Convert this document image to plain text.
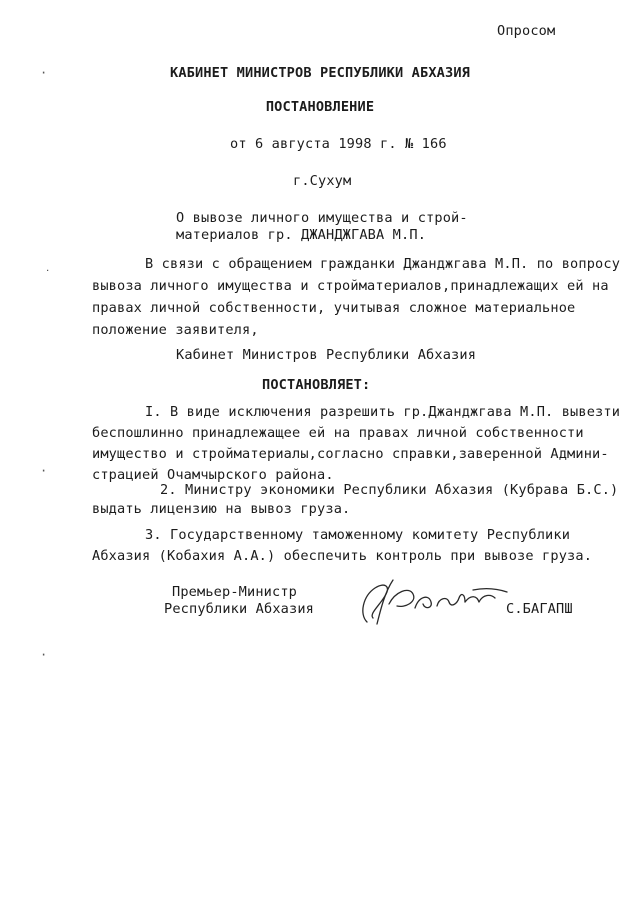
Опросом
КАБИНЕТ МИНИСТРОВ РЕСПУБЛИКИ АБХАЗИЯ
ПОСТАНОВЛЕНИЕ
от 6 августа 1998 г. № 166
г.Сухум
О вывозе личного имущества и строй-
материалов гр. ДЖАНДЖГАВА М.П.
В связи с обращением гражданки Джанджгава М.П. по вопросу
вывоза личного имущества и стройматериалов,принадлежащих ей на
правах личной собственности, учитывая сложное материальное
положение заявителя,
Кабинет Министров Республики Абхазия
ПОСТАНОВЛЯЕТ:
I. В виде исключения разрешить гр.Джанджгава М.П. вывезти
беспошлинно принадлежащее ей на правах личной собственности
имущество и стройматериалы,согласно справки,заверенной Админи-
страцией Очамчырского района.
2. Министру экономики Республики Абхазия (Кубрава Б.С.)
выдать лицензию на вывоз груза.
3. Государственному таможенному комитету Республики
Абхазия (Кобахия А.А.) обеспечить контроль при вывозе груза.
Премьер-Министр
Республики Абхазия	С.БАГАПШ
·
˙
·
·
